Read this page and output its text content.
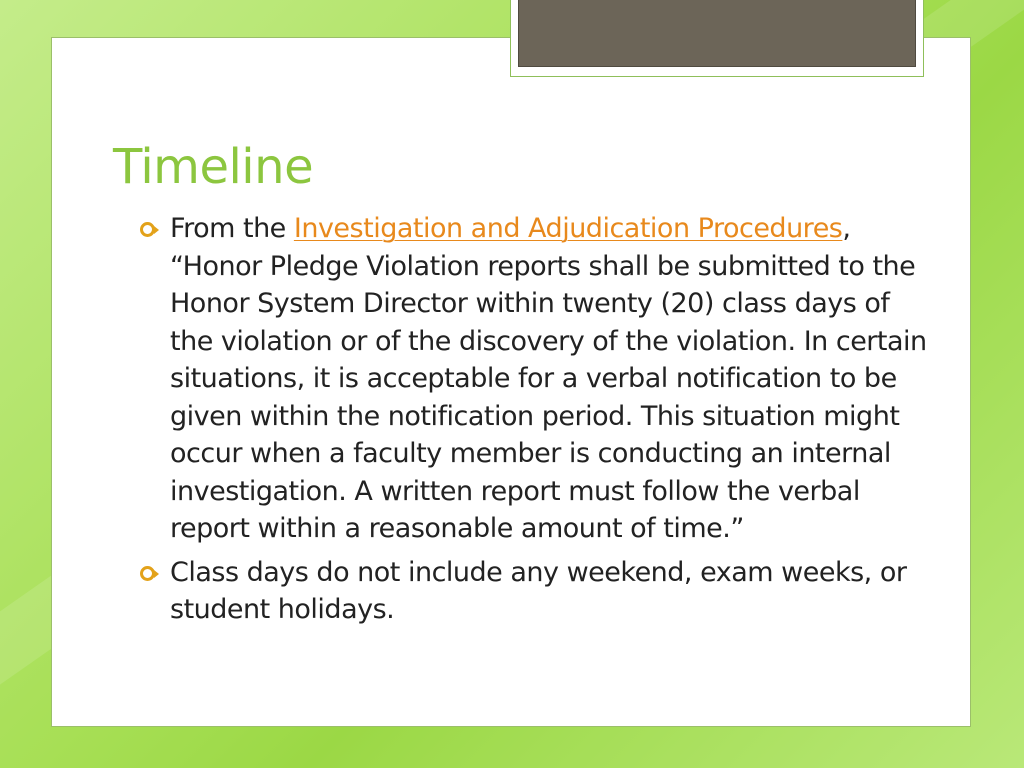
Timeline
From the Investigation and Adjudication Procedures, “Honor Pledge Violation reports shall be submitted to the Honor System Director within twenty (20) class days of the violation or of the discovery of the violation. In certain situations, it is acceptable for a verbal notification to be given within the notification period. This situation might occur when a faculty member is conducting an internal investigation. A written report must follow the verbal report within a reasonable amount of time.”
Class days do not include any weekend, exam weeks, or student holidays.
